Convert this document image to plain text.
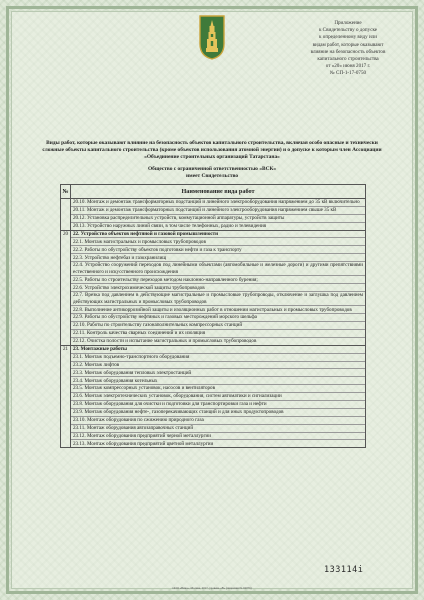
Приложение
к Свидетельству о допуске
к определенному виду или
видам работ, которые оказывают
влияние на безопасность объектов
капитального строительства
от «20» июня 2017 г.
№ СП-1-17-0750
Виды работ, которые оказывают влияние на безопасность объектов капитального строительства, включая особо опасные и технически сложные объекты капитального строительства (кроме объектов использования атомной энергии) и о допуске к которым член Ассоциации «Объединение строительных организаций Татарстана»
Общество с ограниченной ответственностью «ВСК»
имеет Свидетельство
№	Наименование вида работ
20.10. Монтаж и демонтаж трансформаторных подстанций и линейного электрооборудования напряжением до 35 кВ включительно
20.11. Монтаж и демонтаж трансформаторных подстанций и линейного электрооборудования напряжением свыше 35 кВ
20.12. Установка распределительных устройств, коммутационной аппаратуры, устройств защиты
20.13. Устройство наружных линий связи, в том числе телефонных, радио и телевидения
20 22. Устройство объектов нефтяной и газовой промышленности
22.1. Монтаж магистральных и промысловых трубопроводов
22.2. Работы по обустройству объектов подготовки нефти и газа к транспорту
22.3. Устройство нефтебаз и газохранилищ
22.4. Устройство сооружений переходов под линейными объектами (автомобильные и железные дороги) и другими препятствиями естественного и искусственного происхождения
22.5. Работы по строительству переходов методом наклонно-направленного бурения;
22.6. Устройство электрохимической защиты трубопроводов
22.7. Врезка под давлением в действующие магистральные и промысловые трубопроводы, отключение и заглушка под давлением действующих магистральных и промысловых трубопроводов
22.8. Выполнение антикоррозийной защиты и изоляционных работ в отношении магистральных и промысловых трубопроводов
22.9. Работы по обустройству нефтяных и газовых месторождений морского шельфа
22.10. Работы по строительству газонаполнительных компрессорных станций
22.11. Контроль качества сварных соединений и их изоляция
22.12. Очистка полости и испытание магистральных и промысловых трубопроводов
21 23. Монтажные работы
23.1. Монтаж подъемно-транспортного оборудования
23.2. Монтаж лифтов
23.3. Монтаж оборудования тепловых электростанций
23.4. Монтаж оборудования котельных
23.5. Монтаж компрессорных установок, насосов и вентиляторов
23.6. Монтаж электротехнических установок, оборудования, систем автоматики и сигнализации
23.8. Монтаж оборудования для очистки и подготовки для транспортировки газа и нефти
23.9. Монтаж оборудования нефте-, газоперекачивающих станций и для иных продуктопроводов
23.10. Монтаж оборудования по сжижению природного газа
23.11. Монтаж оборудования автозаправочных станций
23.12. Монтаж оборудования предприятий черной металлургии
23.13. Монтаж оборудования предприятий цветной металлургии
133114і
ООО «Вико», Москва, 2017, уровень «В» (лицензия № 04079)
